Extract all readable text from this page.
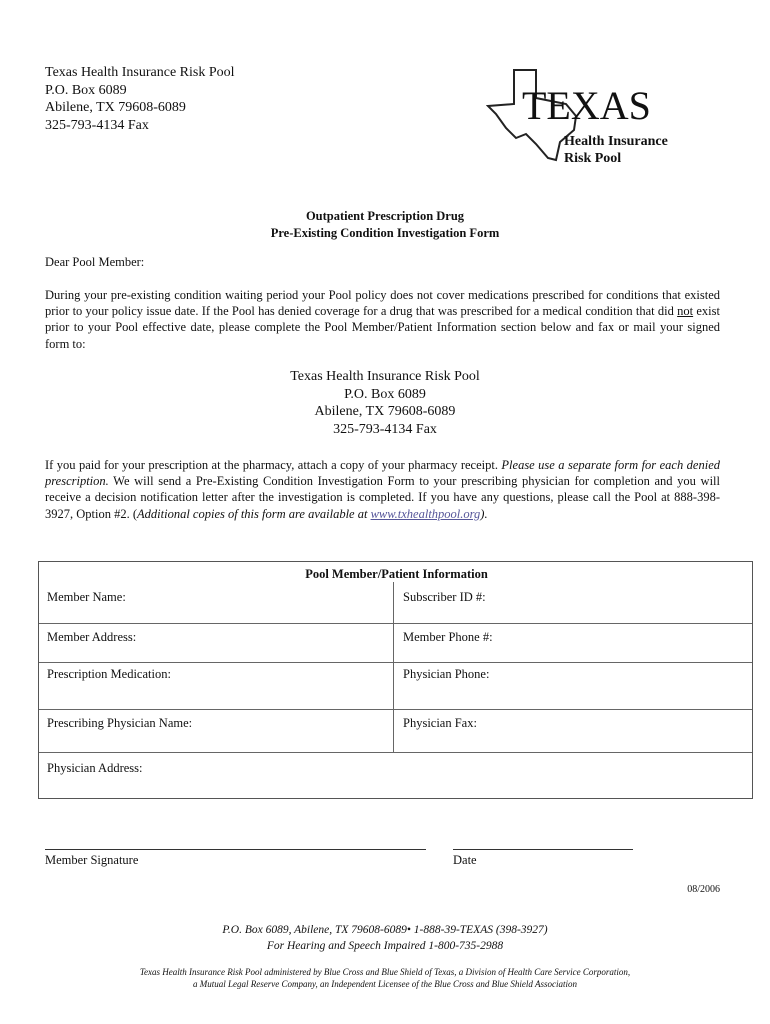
Texas Health Insurance Risk Pool
P.O. Box 6089
Abilene, TX 79608-6089
325-793-4134 Fax	TEXAS
Health Insurance
Risk Pool
Outpatient Prescription Drug
Pre-Existing Condition Investigation Form
Dear Pool Member:
During your pre-existing condition waiting period your Pool policy does not cover medications prescribed for conditions that existed prior to your policy issue date. If the Pool has denied coverage for a drug that was prescribed for a medical condition that did not exist prior to your Pool effective date, please complete the Pool Member/Patient Information section below and fax or mail your signed form to:
Texas Health Insurance Risk Pool
P.O. Box 6089
Abilene, TX 79608-6089
325-793-4134 Fax
If you paid for your prescription at the pharmacy, attach a copy of your pharmacy receipt. Please use a separate form for each denied prescription. We will send a Pre-Existing Condition Investigation Form to your prescribing physician for completion and you will receive a decision notification letter after the investigation is completed. If you have any questions, please call the Pool at 888-398-3927, Option #2. (Additional copies of this form are available at www.txhealthpool.org).
Pool Member/Patient Information
Member Name:	Subscriber ID #:
Member Address:	Member Phone #:
Prescription Medication:	Physician Phone:
Prescribing Physician Name:	Physician Fax:
Physician Address:
Member Signature	Date
08/2006
P.O. Box 6089, Abilene, TX 79608-6089• 1-888-39-TEXAS (398-3927)
For Hearing and Speech Impaired 1-800-735-2988
Texas Health Insurance Risk Pool administered by Blue Cross and Blue Shield of Texas, a Division of Health Care Service Corporation,
a Mutual Legal Reserve Company, an Independent Licensee of the Blue Cross and Blue Shield Association
